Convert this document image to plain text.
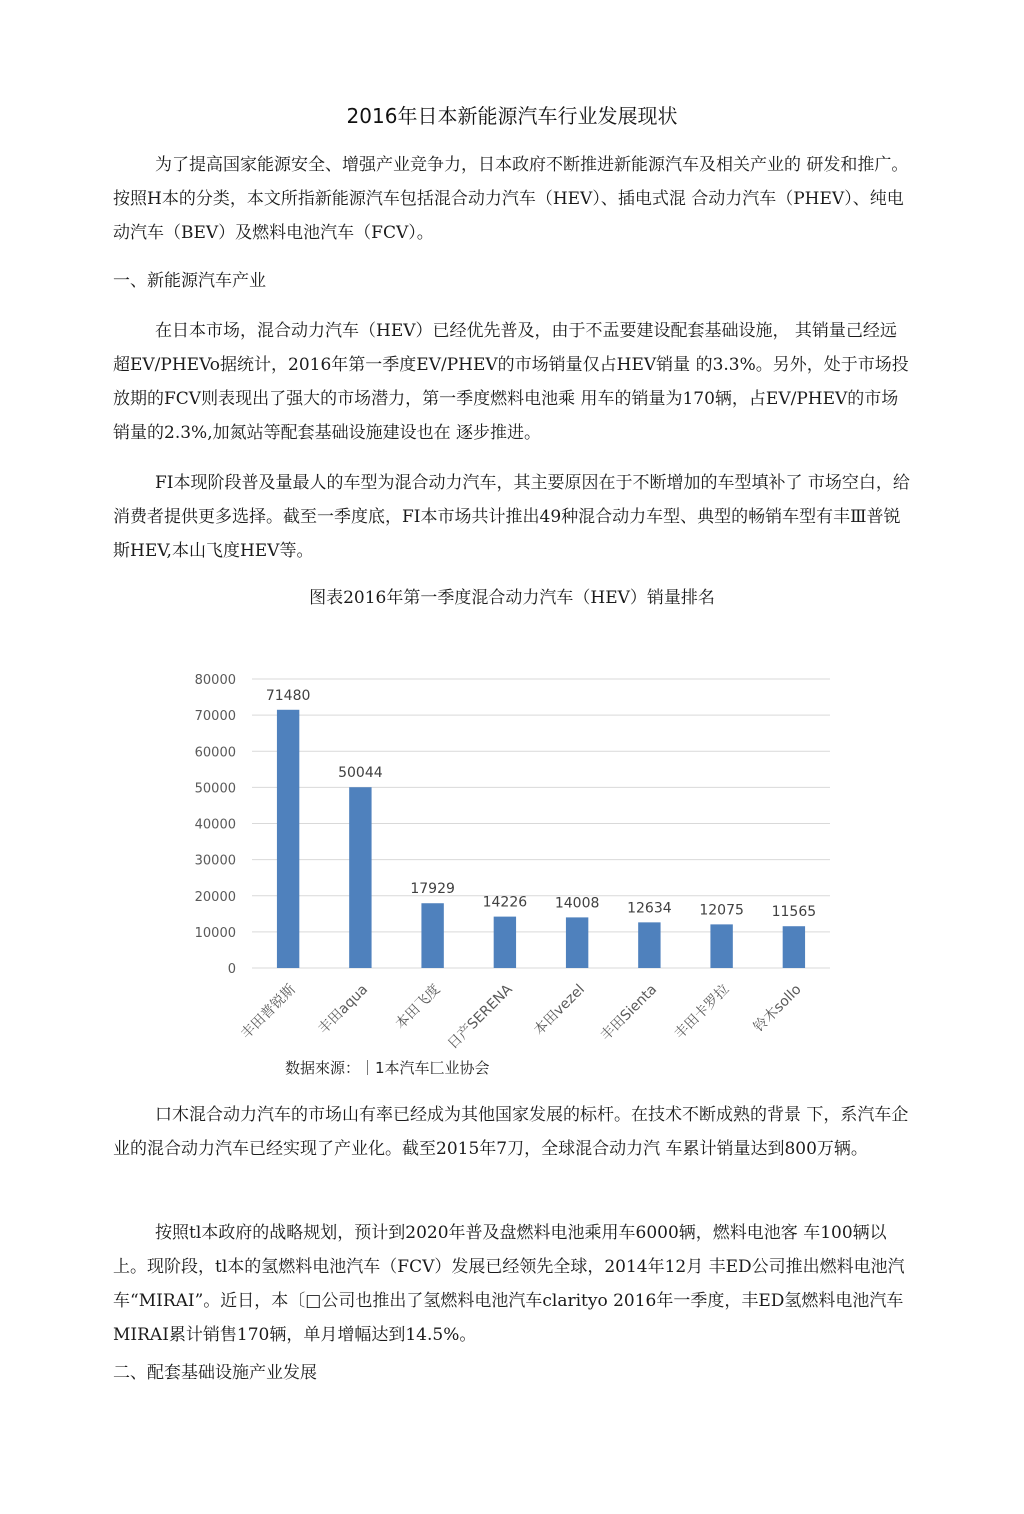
2016年日本新能源汽车行业发展现状

为了提高国家能源安全、增强产业竞争力，日本政府不断推进新能源汽车及相关产业的 研发和推广。按照H本的分类，本文所指新能源汽车包括混合动力汽车（HEV）、插电式混 合动力汽车（PHEV）、纯电动汽车（BEV）及燃料电池汽车（FCV）。

一、新能源汽车产业

在日本市场，混合动力汽车（HEV）已经优先普及，由于不盂要建设配套基础设施， 其销量己经远超EV/PHEVo据统计，2016年第一季度EV/PHEV的市场销量仅占HEV销量 的3.3%。另外，处于市场投放期的FCV则表现出了强大的市场潜力，第一季度燃料电池乘 用车的销量为170辆，占EV/PHEV的市场销量的2.3%,加氮站等配套基础设施建设也在 逐步推进。

FI本现阶段普及量最人的车型为混合动力汽车，其主要原因在于不断增加的车型填补了 市场空白，给消费者提供更多选择。截至一季度底，FI本市场共计推出49种混合动力车型、典型的畅销车型有丰Ⅲ普锐斯HEV,本山飞度HEV等。

图表2016年第一季度混合动力汽车（HEV）销量排名
0
10000
20000
30000
40000
50000
60000
70000
80000
71480
丰田普锐斯
50044
丰田aqua
17929
本田飞度
14226
日产SERENA
14008
本田vezel
12634
丰田Sienta
12075
丰田卡罗拉
11565
铃木sollo
数据來源：｜1本汽车匚业协会

口木混合动力汽车的市场山有率已经成为其他国家发展的标杆。在技术不断成熟的背景 下，系汽车企业的混合动力汽车已经实现了产业化。截至2015年7刀，全球混合动力汽 车累计销量达到800万辆。

按照tl本政府的战略规划，预计到2020年普及盘燃料电池乘用车6000辆，燃料电池客 车100辆以上。现阶段，tl本的氢燃料电池汽车（FCV）发展已经领先全球，2014年12月 丰ED公司推出燃料电池汽车“MIRAI”。近日，本〔□公司也推出了氢燃料电池汽车clarityo 2016年一季度，丰ED氢燃料电池汽车MIRAI累计销售170辆，单月增幅达到14.5%。

二、配套基础设施产业发展
